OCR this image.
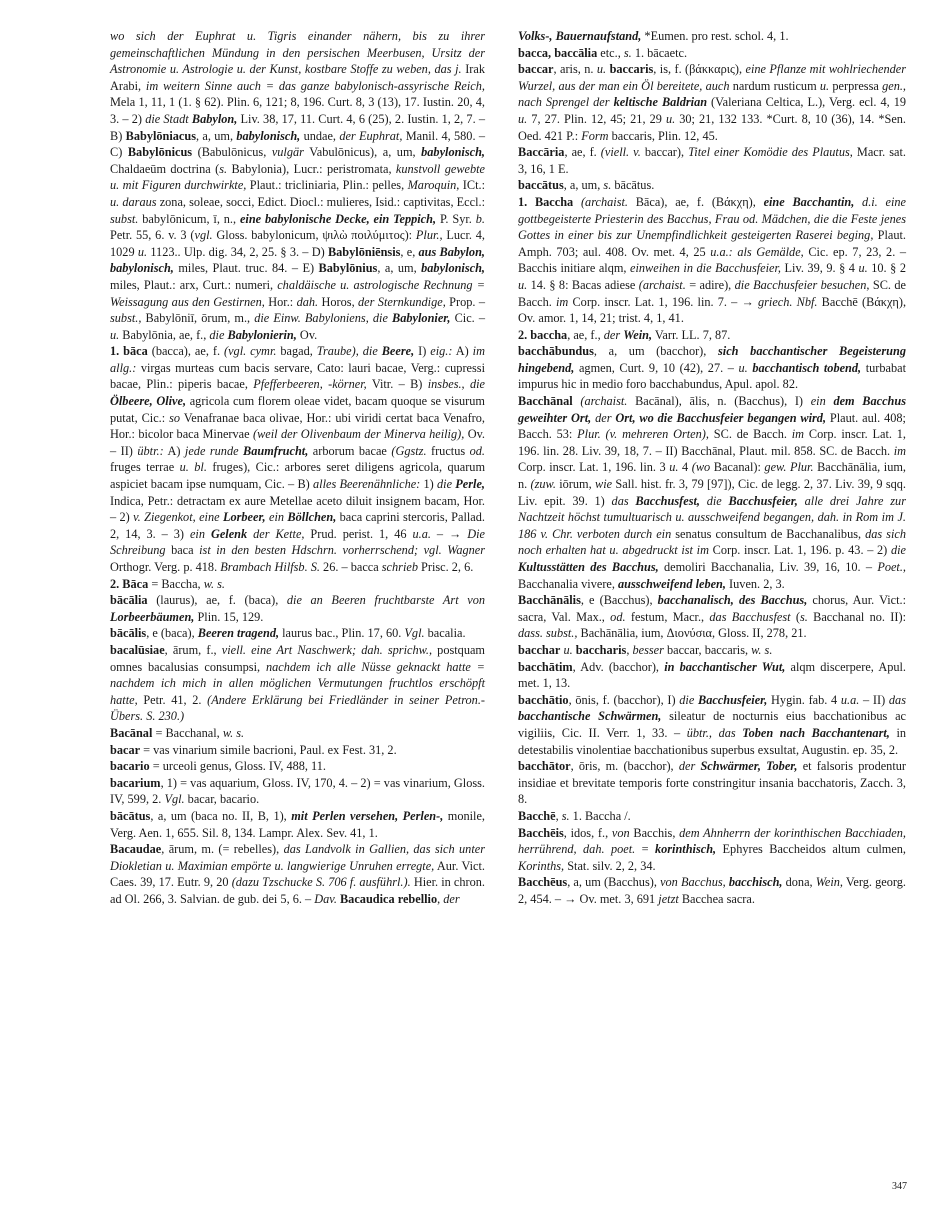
wo sich der Euphrat u. Tigris einander nähern, bis zu ihrer gemeinschaftlichen Mündung in den persischen Meerbusen, Ursitz der Astronomie u. Astrologie u. der Kunst, kostbare Stoffe zu weben, das j. Irak Arabi, im weitern Sinne auch = das ganze babylonisch-assyrische Reich, Mela 1, 11, 1 (1. § 62). Plin. 6, 121; 8, 196. Curt. 8, 3 (13), 17. Iustin. 20, 4, 3. – 2) die Stadt Babylon, Liv. 38, 17, 11. Curt. 4, 6 (25), 2. Iustin. 1, 2, 7. – B) Babylōniacus, a, um, babylonisch, undae, der Euphrat, Manil. 4, 580. – C) Babylōnicus (Babulōnicus, vulgär Vabulōnicus), a, um, babylonisch, Chaldaeūm doctrina (s. Babylonia), Lucr.: peristromata, kunstvoll gewebte u. mit Figuren durchwirkte, Plaut.: tricliniaria, Plin.: pelles, Maroquin, ICt.: u. daraus zona, soleae, socci, Edict. Diocl.: mulieres, Isid.: captivitas, Eccl.: subst. babylōnicum, ī, n., eine babylonische Decke, ein Teppich, P. Syr. b. Petr. 55, 6. v. 3 (vgl. Gloss. babylonicum, ψιλὼ ποιλύμιτος): Plur., Lucr. 4, 1029 u. 1123.. Ulp. dig. 34, 2, 25. § 3. – D) Babylōniēnsis, e, aus Babylon, babylonisch, miles, Plaut. truc. 84. – E) Babylōnius, a, um, babylonisch, miles, Plaut.: arx, Curt.: numeri, chaldäische u. astrologische Rechnung = Weissagung aus den Gestirnen, Hor.: dah. Horos, der Sternkundige, Prop. – subst., Babylōniī, ōrum, m., die Einw. Babyloniens, die Babylonier, Cic. – u. Babylōnia, ae, f., die Babylonierin, Ov.

1. bāca (bacca), ae, f. (vgl. cymr. bagad, Traube), die Beere, I) eig.: A) im allg.: virgas murteas cum bacis servare, Cato: lauri bacae, Verg.: cupressi bacae, Plin.: piperis bacae, Pfefferbeeren, -körner, Vitr. – B) insbes., die Ölbeere, Olive, agricola cum florem oleae videt, bacam quoque se visurum putat, Cic.: so Venafranae baca olivae, Hor.: ubi viridi certat baca Venafro, Hor.: bicolor baca Minervae (weil der Olivenbaum der Minerva heilig), Ov. – II) übtr.: A) jede runde Baumfrucht, arborum bacae (Ggstz. fructus od. fruges terrae u. bl. fruges), Cic.: arbores seret diligens agricola, quarum aspiciet bacam ipse numquam, Cic. – B) alles Beerenähnliche: 1) die Perle, Indica, Petr.: detractam ex aure Metellae aceto diluit insignem bacam, Hor. – 2) v. Ziegenkot, eine Lorbeer, ein Böllchen, baca caprini stercoris, Pallad. 2, 14, 3. – 3) ein Gelenk der Kette, Prud. perist. 1, 46 u.a. – → Die Schreibung baca ist in den besten Hdschrn. vorherrschend; vgl. Wagner Orthogr. Verg. p. 418. Brambach Hilfsb. S. 26. – bacca schrieb Prisc. 2, 6.

2. Bāca = Baccha, w. s.

bācālia (laurus), ae, f. (baca), die an Beeren fruchtbarste Art von Lorbeerbäumen, Plin. 15, 129.

bācālis, e (baca), Beeren tragend, laurus bac., Plin. 17, 60. Vgl. bacalia.

bacalūsiae, ārum, f., viell. eine Art Naschwerk; dah. sprichw., postquam omnes bacalusias consumpsi, nachdem ich alle Nüsse geknackt hatte = nachdem ich mich in allen möglichen Vermutungen fruchtlos erschöpft hatte, Petr. 41, 2. (Andere Erklärung bei Friedländer in seiner Petron.-Übers. S. 230.)

Bacānal = Bacchanal, w. s.

bacar = vas vinarium simile bacrioni, Paul. ex Fest. 31, 2.

bacario = urceoli genus, Gloss. IV, 488, 11.

bacarium, 1) = vas aquarium, Gloss. IV, 170, 4. – 2) = vas vinarium, Gloss. IV, 599, 2. Vgl. bacar, bacario.

bācātus, a, um (baca no. II, B, 1), mit Perlen versehen, Perlen-, monile, Verg. Aen. 1, 655. Sil. 8, 134. Lampr. Alex. Sev. 41, 1.

Bacaudae, ārum, m. (= rebelles), das Landvolk in Gallien, das sich unter Diokletian u. Maximian empörte u. langwierige Unruhen erregte, Aur. Vict. Caes. 39, 17. Eutr. 9, 20 (dazu Tzschucke S. 706 f. ausführl.). Hier. in chron. ad Ol. 266, 3. Salvian. de gub. dei 5, 6. – Dav. Bacaudica rebellio, der

Volks-, Bauernaufstand, *Eumen. pro rest. schol. 4, 1.

bacca, baccālia etc., s. 1. bācaetc.

baccar, aris, n. u. baccaris, is, f. (βάκκαρις), eine Pflanze mit wohlriechender Wurzel, aus der man ein Öl bereitete, auch nardum rusticum u. perpressa gen., nach Sprengel der keltische Baldrian (Valeriana Celtica, L.), Verg. ecl. 4, 19 u. 7, 27. Plin. 12, 45; 21, 29 u. 30; 21, 132 133. *Curt. 8, 10 (36), 14. *Sen. Oed. 421 P.: Form baccaris, Plin. 12, 45.

Baccāria, ae, f. (viell. v. baccar), Titel einer Komödie des Plautus, Macr. sat. 3, 16, 1 E.

baccātus, a, um, s. bācātus.

1. Baccha (archaist. Bāca), ae, f. (Βάκχη), eine Bacchantin, d.i. eine gottbegeisterte Priesterin des Bacchus, Frau od. Mädchen, die die Feste jenes Gottes in einer bis zur Unempfindlichkeit gesteigerten Raserei beging, Plaut. Amph. 703; aul. 408. Ov. met. 4, 25 u.a.: als Gemälde, Cic. ep. 7, 23, 2. – Bacchis initiare alqm, einweihen in die Bacchusfeier, Liv. 39, 9. § 4 u. 10. § 2 u. 14. § 8: Bacas adiese (archaist. = adire), die Bacchusfeier besuchen, SC. de Bacch. im Corp. inscr. Lat. 1, 196. lin. 7. – → griech. Nbf. Bacchē (Βάκχη), Ov. amor. 1, 14, 21; trist. 4, 1, 41.

2. baccha, ae, f., der Wein, Varr. LL. 7, 87.

bacchābundus, a, um (bacchor), sich bacchantischer Begeisterung hingebend, agmen, Curt. 9, 10 (42), 27. – u. bacchantisch tobend, turbabat impurus hic in medio foro bacchabundus, Apul. apol. 82.

Bacchānal (archaist. Bacānal), ālis, n. (Bacchus), I) ein dem Bacchus geweihter Ort, der Ort, wo die Bacchusfeier begangen wird, Plaut. aul. 408; Bacch. 53: Plur. (v. mehreren Orten), SC. de Bacch. im Corp. inscr. Lat. 1, 196. lin. 28. Liv. 39, 18, 7. – II) Bacchānal, Plaut. mil. 858. SC. de Bacch. im Corp. inscr. Lat. 1, 196. lin. 3 u. 4 (wo Bacanal): gew. Plur. Bacchānālia, ium, n. (zuw. iōrum, wie Sall. hist. fr. 3, 79 [97]), Cic. de legg. 2, 37. Liv. 39, 9 sqq. Liv. epit. 39. 1) das Bacchusfest, die Bacchusfeier, alle drei Jahre zur Nachtzeit höchst tumultuarisch u. ausschweifend begangen, dah. in Rom im J. 186 v. Chr. verboten durch ein senatus consultum de Bacchanalibus, das sich noch erhalten hat u. abgedruckt ist im Corp. inscr. Lat. 1, 196. p. 43. – 2) die Kultusstätten des Bacchus, demoliri Bacchanalia, Liv. 39, 16, 10. – Poet., Bacchanalia vivere, ausschweifend leben, Iuven. 2, 3.

Bacchānālis, e (Bacchus), bacchanalisch, des Bacchus, chorus, Aur. Vict.: sacra, Val. Max., od. festum, Macr., das Bacchusfest (s. Bacchanal no. II): dass. subst., Bachānālia, ium, Διονύσια, Gloss. II, 278, 21.

bacchar u. baccharis, besser baccar, baccaris, w. s.

bacchātim, Adv. (bacchor), in bacchantischer Wut, alqm discerpere, Apul. met. 1, 13.

bacchātio, ōnis, f. (bacchor), I) die Bacchusfeier, Hygin. fab. 4 u.a. – II) das bacchantische Schwärmen, sileatur de nocturnis eius bacchationibus ac vigiliis, Cic. II. Verr. 1, 33. – übtr., das Toben nach Bacchantenart, in detestabilis vinolentiae bacchationibus superbus exsultat, Augustin. ep. 35, 2.

bacchātor, ōris, m. (bacchor), der Schwärmer, Tober, et falsoris prodentur insidiae et brevitate temporis forte constringitur insania bacchatoris, Zacch. 3, 8.

Bacchē, s. 1. Baccha /.

Bacchēis, idos, f., von Bacchis, dem Ahnherrn der korinthischen Bacchiaden, herrührend, dah. poet. = korinthisch, Ephyres Baccheidos altum culmen, Korinths, Stat. silv. 2, 2, 34.

Bacchēus, a, um (Bacchus), von Bacchus, bacchisch, dona, Wein, Verg. georg. 2, 454. – → Ov. met. 3, 691 jetzt Bacchea sacra.

347
